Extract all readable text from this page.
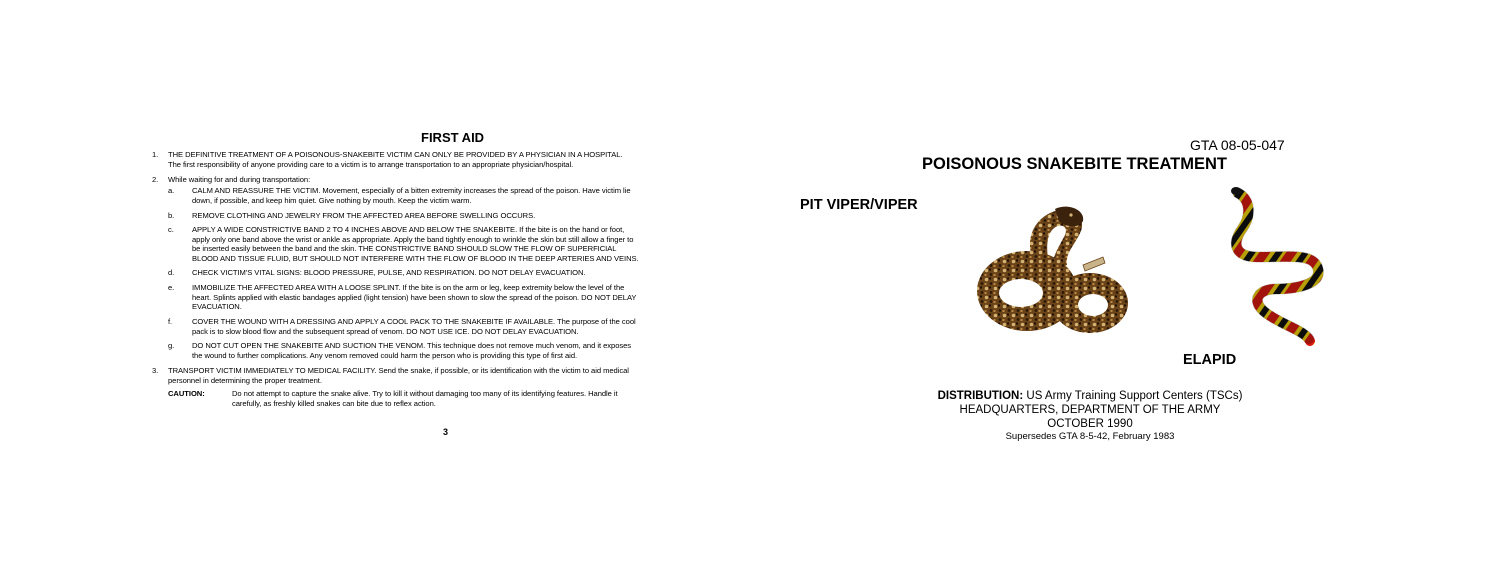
FIRST AID
1. THE DEFINITIVE TREATMENT OF A POISONOUS-SNAKEBITE VICTIM CAN ONLY BE PROVIDED BY A PHYSICIAN IN A HOSPITAL.
The first responsibility of anyone providing care to a victim is to arrange transportation to an appropriate physician/hospital.
2. While waiting for and during transportation:
a. CALM AND REASSURE THE VICTIM. Movement, especially of a bitten extremity increases the spread of the poison. Have victim lie
down, if possible, and keep him quiet. Give nothing by mouth. Keep the victim warm.
b. REMOVE CLOTHING AND JEWELRY FROM THE AFFECTED AREA BEFORE SWELLING OCCURS.
c. APPLY A WIDE CONSTRICTIVE BAND 2 TO 4 INCHES ABOVE AND BELOW THE SNAKEBITE. If the bite is on the hand or foot,
apply only one band above the wrist or ankle as appropriate. Apply the band tightly enough to wrinkle the skin but still allow a finger to
be inserted easily between the band and the skin. THE CONSTRICTIVE BAND SHOULD SLOW THE FLOW OF SUPERFICIAL
BLOOD AND TISSUE FLUID, BUT SHOULD NOT INTERFERE WITH THE FLOW OF BLOOD IN THE DEEP ARTERIES AND VEINS.
d. CHECK VICTIM'S VITAL SIGNS: BLOOD PRESSURE, PULSE, AND RESPIRATION. DO NOT DELAY EVACUATION.
e. IMMOBILIZE THE AFFECTED AREA WITH A LOOSE SPLINT. If the bite is on the arm or leg, keep extremity below the level of the
heart. Splints applied with elastic bandages applied (light tension) have been shown to slow the spread of the poison. DO NOT DELAY
EVACUATION.
f.	COVER THE WOUND WITH A DRESSING AND APPLY A COOL PACK TO THE SNAKEBITE IF AVAILABLE. The purpose of the cool
pack is to slow blood flow and the subsequent spread of venom. DO NOT USE ICE. DO NOT DELAY EVACUATION.
g. DO NOT CUT OPEN THE SNAKEBITE AND SUCTION THE VENOM. This technique does not remove much venom, and it exposes
the wound to further complications. Any venom removed could harm the person who is providing this type of first aid.
3. TRANSPORT VICTIM IMMEDIATELY TO MEDICAL FACILITY. Send the snake, if possible, or its identification with the victim to aid medical
personnel in determining the proper treatment.
CAUTION:	Do not attempt to capture the snake alive. Try to kill it without damaging too many of its identifying features. Handle it
carefully, as freshly killed snakes can bite due to reflex action.
3
GTA 08-05-047
POISONOUS SNAKEBITE TREATMENT
PIT VIPER/VIPER
ELAPID
DISTRIBUTION: US Army Training Support Centers (TSCs)
HEADQUARTERS, DEPARTMENT OF THE ARMY
OCTOBER 1990
Supersedes GTA 8-5-42, February 1983
